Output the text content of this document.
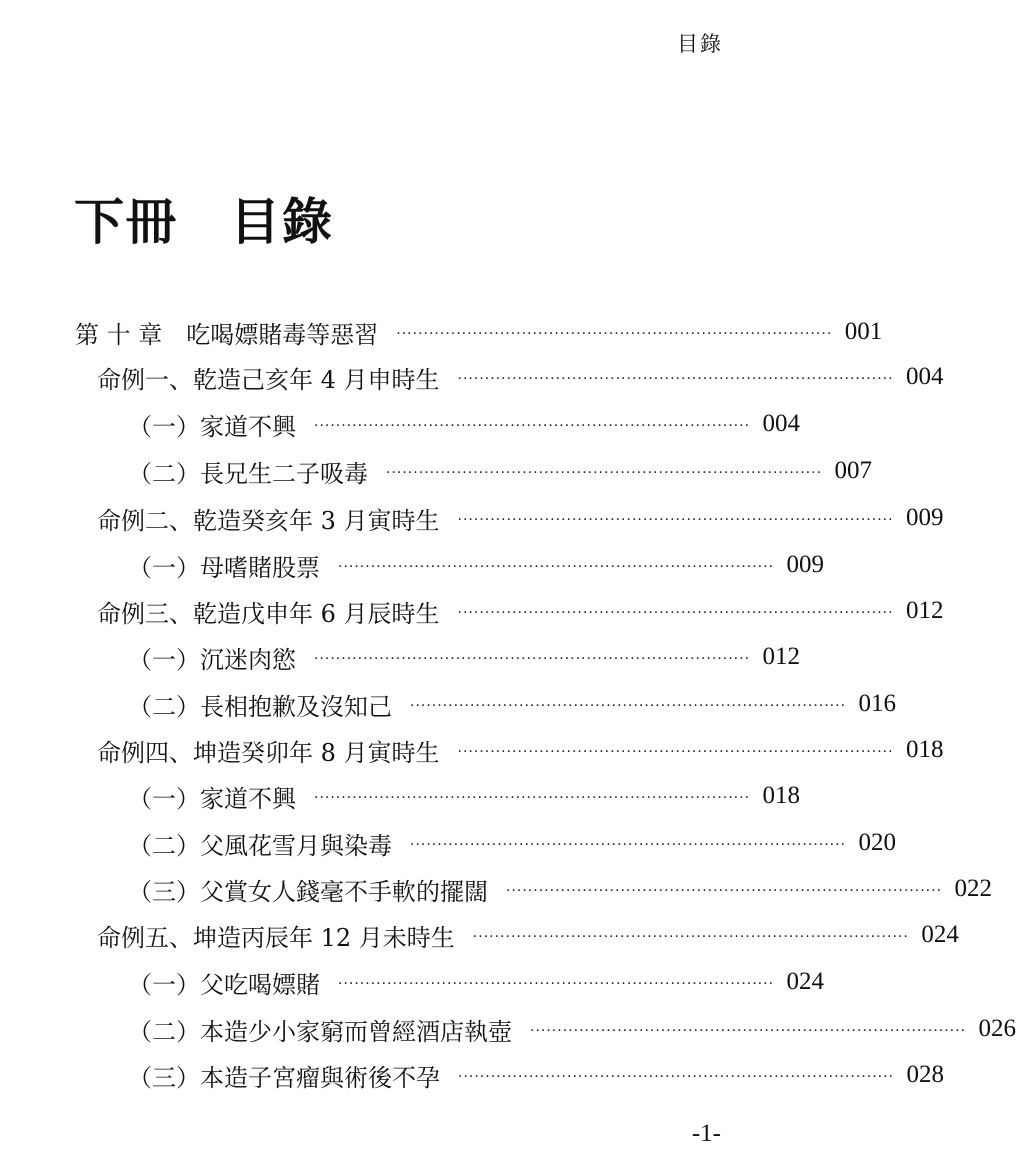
目錄
下冊 目錄
第 十 章　吃喝嫖賭毒等惡習 ················································································ 001
命例一、乾造己亥年 4 月申時生 ················································································ 004
（一）家道不興 ················································································ 004
（二）長兄生二子吸毒 ················································································ 007
命例二、乾造癸亥年 3 月寅時生 ················································································ 009
（一）母嗜賭股票 ················································································ 009
命例三、乾造戊申年 6 月辰時生 ················································································ 012
（一）沉迷肉慾 ················································································ 012
（二）長相抱歉及沒知己 ················································································ 016
命例四、坤造癸卯年 8 月寅時生 ················································································ 018
（一）家道不興 ················································································ 018
（二）父風花雪月與染毒 ················································································ 020
（三）父賞女人錢毫不手軟的擺闊 ················································································ 022
命例五、坤造丙辰年 12 月未時生 ················································································ 024
（一）父吃喝嫖賭 ················································································ 024
（二）本造少小家窮而曾經酒店執壺 ················································································ 026
（三）本造子宮瘤與術後不孕 ················································································ 028
-1-
